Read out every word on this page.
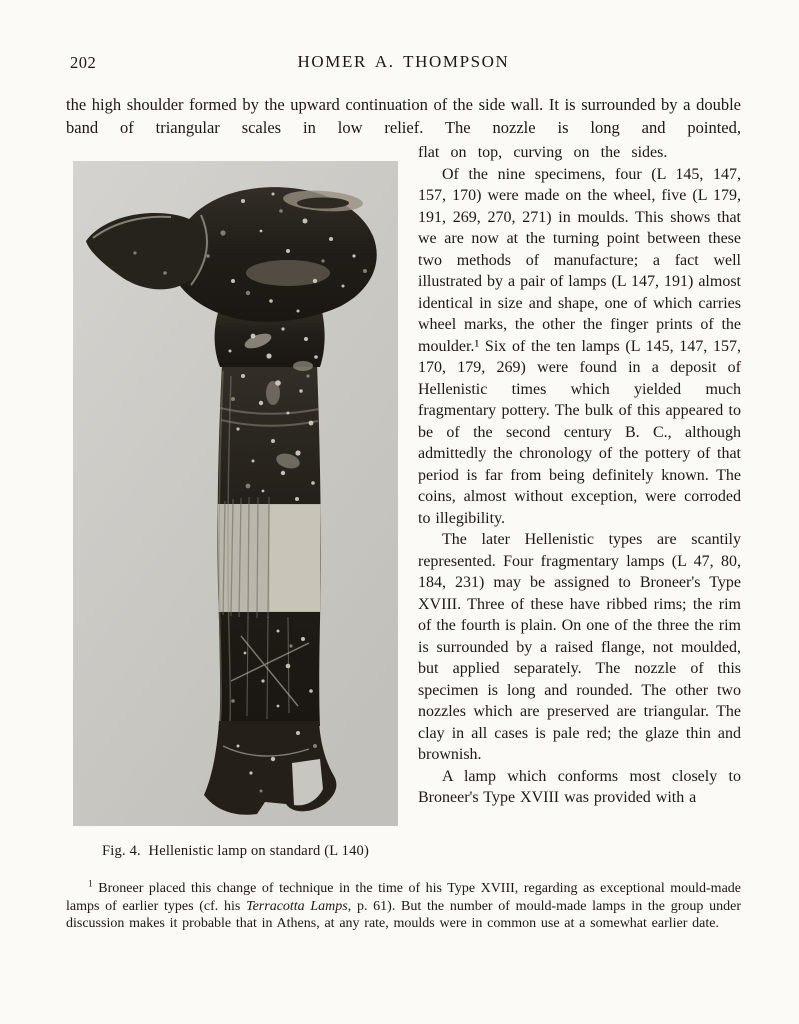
202	HOMER A. THOMPSON

the high shoulder formed by the upward continuation of the side wall. It is surrounded by a double band of triangular scales in low relief. The nozzle is long and pointed,

Fig. 4.  Hellenistic lamp on standard (L 140)

flat on top, curving on the sides.

Of the nine specimens, four (L 145, 147, 157, 170) were made on the wheel, five (L 179, 191, 269, 270, 271) in moulds. This shows that we are now at the turning point between these two methods of manufacture; a fact well illustrated by a pair of lamps (L 147, 191) almost identical in size and shape, one of which carries wheel marks, the other the finger prints of the moulder.¹ Six of the ten lamps (L 145, 147, 157, 170, 179, 269) were found in a deposit of Hellenistic times which yielded much fragmentary pottery. The bulk of this appeared to be of the second century B. C., although admittedly the chronology of the pottery of that period is far from being definitely known. The coins, almost without exception, were corroded to illegibility.

The later Hellenistic types are scantily represented. Four fragmentary lamps (L 47, 80, 184, 231) may be assigned to Broneer's Type XVIII. Three of these have ribbed rims; the rim of the fourth is plain. On one of the three the rim is surrounded by a raised flange, not moulded, but applied separately. The nozzle of this specimen is long and rounded. The other two nozzles which are preserved are triangular. The clay in all cases is pale red; the glaze thin and brownish.

A lamp which conforms most closely to Broneer's Type XVIII was provided with a

$^1$ Broneer placed this change of technique in the time of his Type XVIII, regarding as exceptional mould-made lamps of earlier types (cf. his Terracotta Lamps, p. 61). But the number of mould-made lamps in the group under discussion makes it probable that in Athens, at any rate, moulds were in common use at a somewhat earlier date.
